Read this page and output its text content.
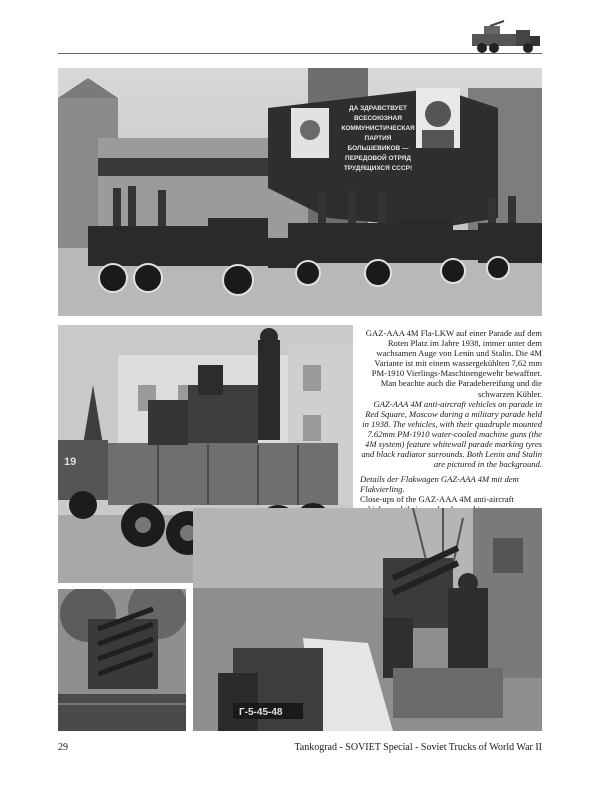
ДА ЗДРАВСТВУЕТ
ВСЕСОЮЗНАЯ
КОММУНИСТИЧЕСКАЯ
ПАРТИЯ
БОЛЬШЕВИКОВ —
ПЕРЕДОВОЙ ОТРЯД
ТРУДЯЩИХСЯ СССР!
19

GAZ-AAA 4M Fla-LKW auf einer Parade auf dem Roten Platz im Jahre 1938, immer unter dem wachsamen Auge von Lenin und Stalin. Die 4M Variante ist mit einem wassergekühlten 7,62 mm PM-1910 Vierlings-Maschinengewehr bewaffnet. Man beachte auch die Paradebereifung und die schwarzen Kühler.

GAZ-AAA 4M anti-aircraft vehicles on parade in Red Square, Moscow during a military parade held in 1938. The vehicles, with their quadruple mounted 7.62mm PM-1910 water-cooled machine guns (the 4M system) feature whitewall parade marking tyres and black radiator surrounds. Both Lenin and Stalin are pictured in the background.

Details der Flakwagen GAZ-AAA 4M mit dem Flakvierling.

Close-ups of the GAZ-AAA 4M anti-aircraft

Г-5-45-48
29	Tankograd - SOVIET Special - Soviet Trucks of World War II
